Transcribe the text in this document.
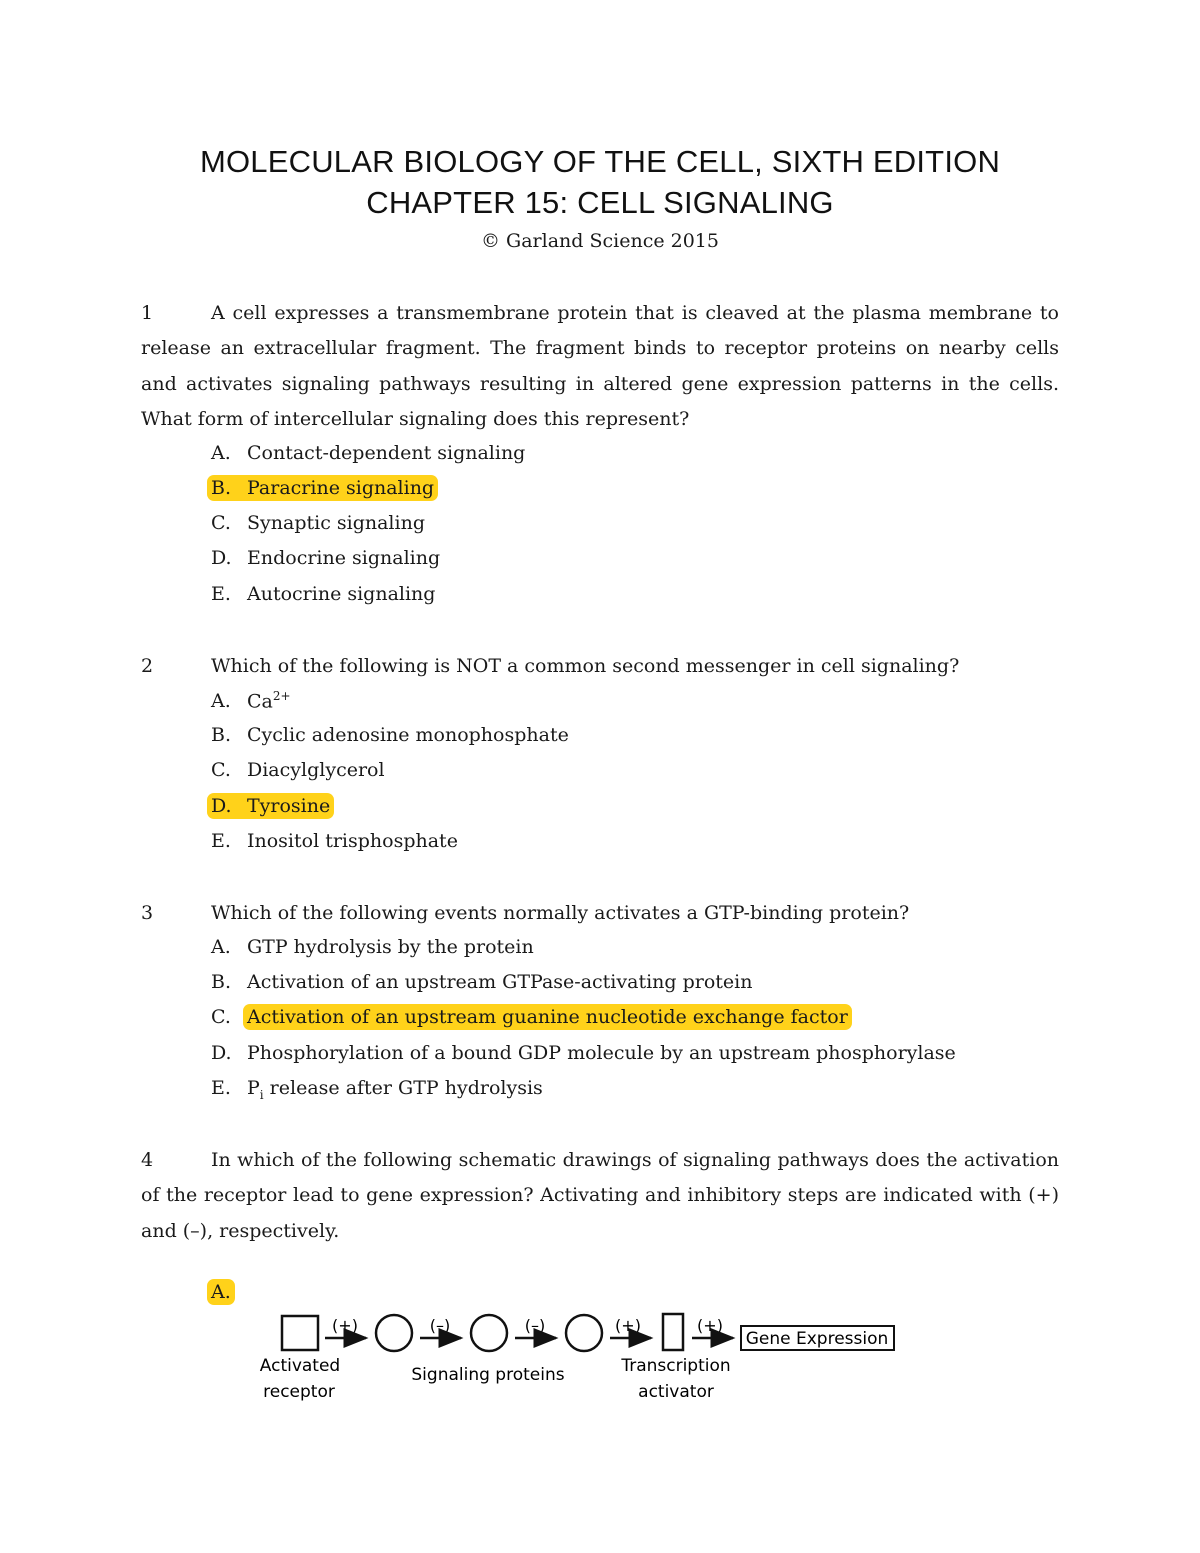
MOLECULAR BIOLOGY OF THE CELL, SIXTH EDITION
CHAPTER 15: CELL SIGNALING
© Garland Science 2015
1	A cell expresses a transmembrane protein that is cleaved at the plasma membrane to release an extracellular fragment. The fragment binds to receptor proteins on nearby cells and activates signaling pathways resulting in altered gene expression patterns in the cells. What form of intercellular signaling does this represent?
A. Contact-dependent signaling
B. Paracrine signaling
C. Synaptic signaling
D. Endocrine signaling
E. Autocrine signaling
2	Which of the following is NOT a common second messenger in cell signaling?
A. $Ca^{2+}$
B. Cyclic adenosine monophosphate
C. Diacylglycerol
D. Tyrosine
E. Inositol trisphosphate
3	Which of the following events normally activates a GTP-binding protein?
A. GTP hydrolysis by the protein
B. Activation of an upstream GTPase-activating protein
C. Activation of an upstream guanine nucleotide exchange factor
D. Phosphorylation of a bound GDP molecule by an upstream phosphorylase
E. $P_i$ release after GTP hydrolysis
4	In which of the following schematic drawings of signaling pathways does the activation of the receptor lead to gene expression? Activating and inhibitory steps are indicated with (+) and (–), respectively.
A.
(+)	(–)	(–)	(+)	(+)
Gene Expression
Activated
receptor
Signaling proteins	Transcription
activator
